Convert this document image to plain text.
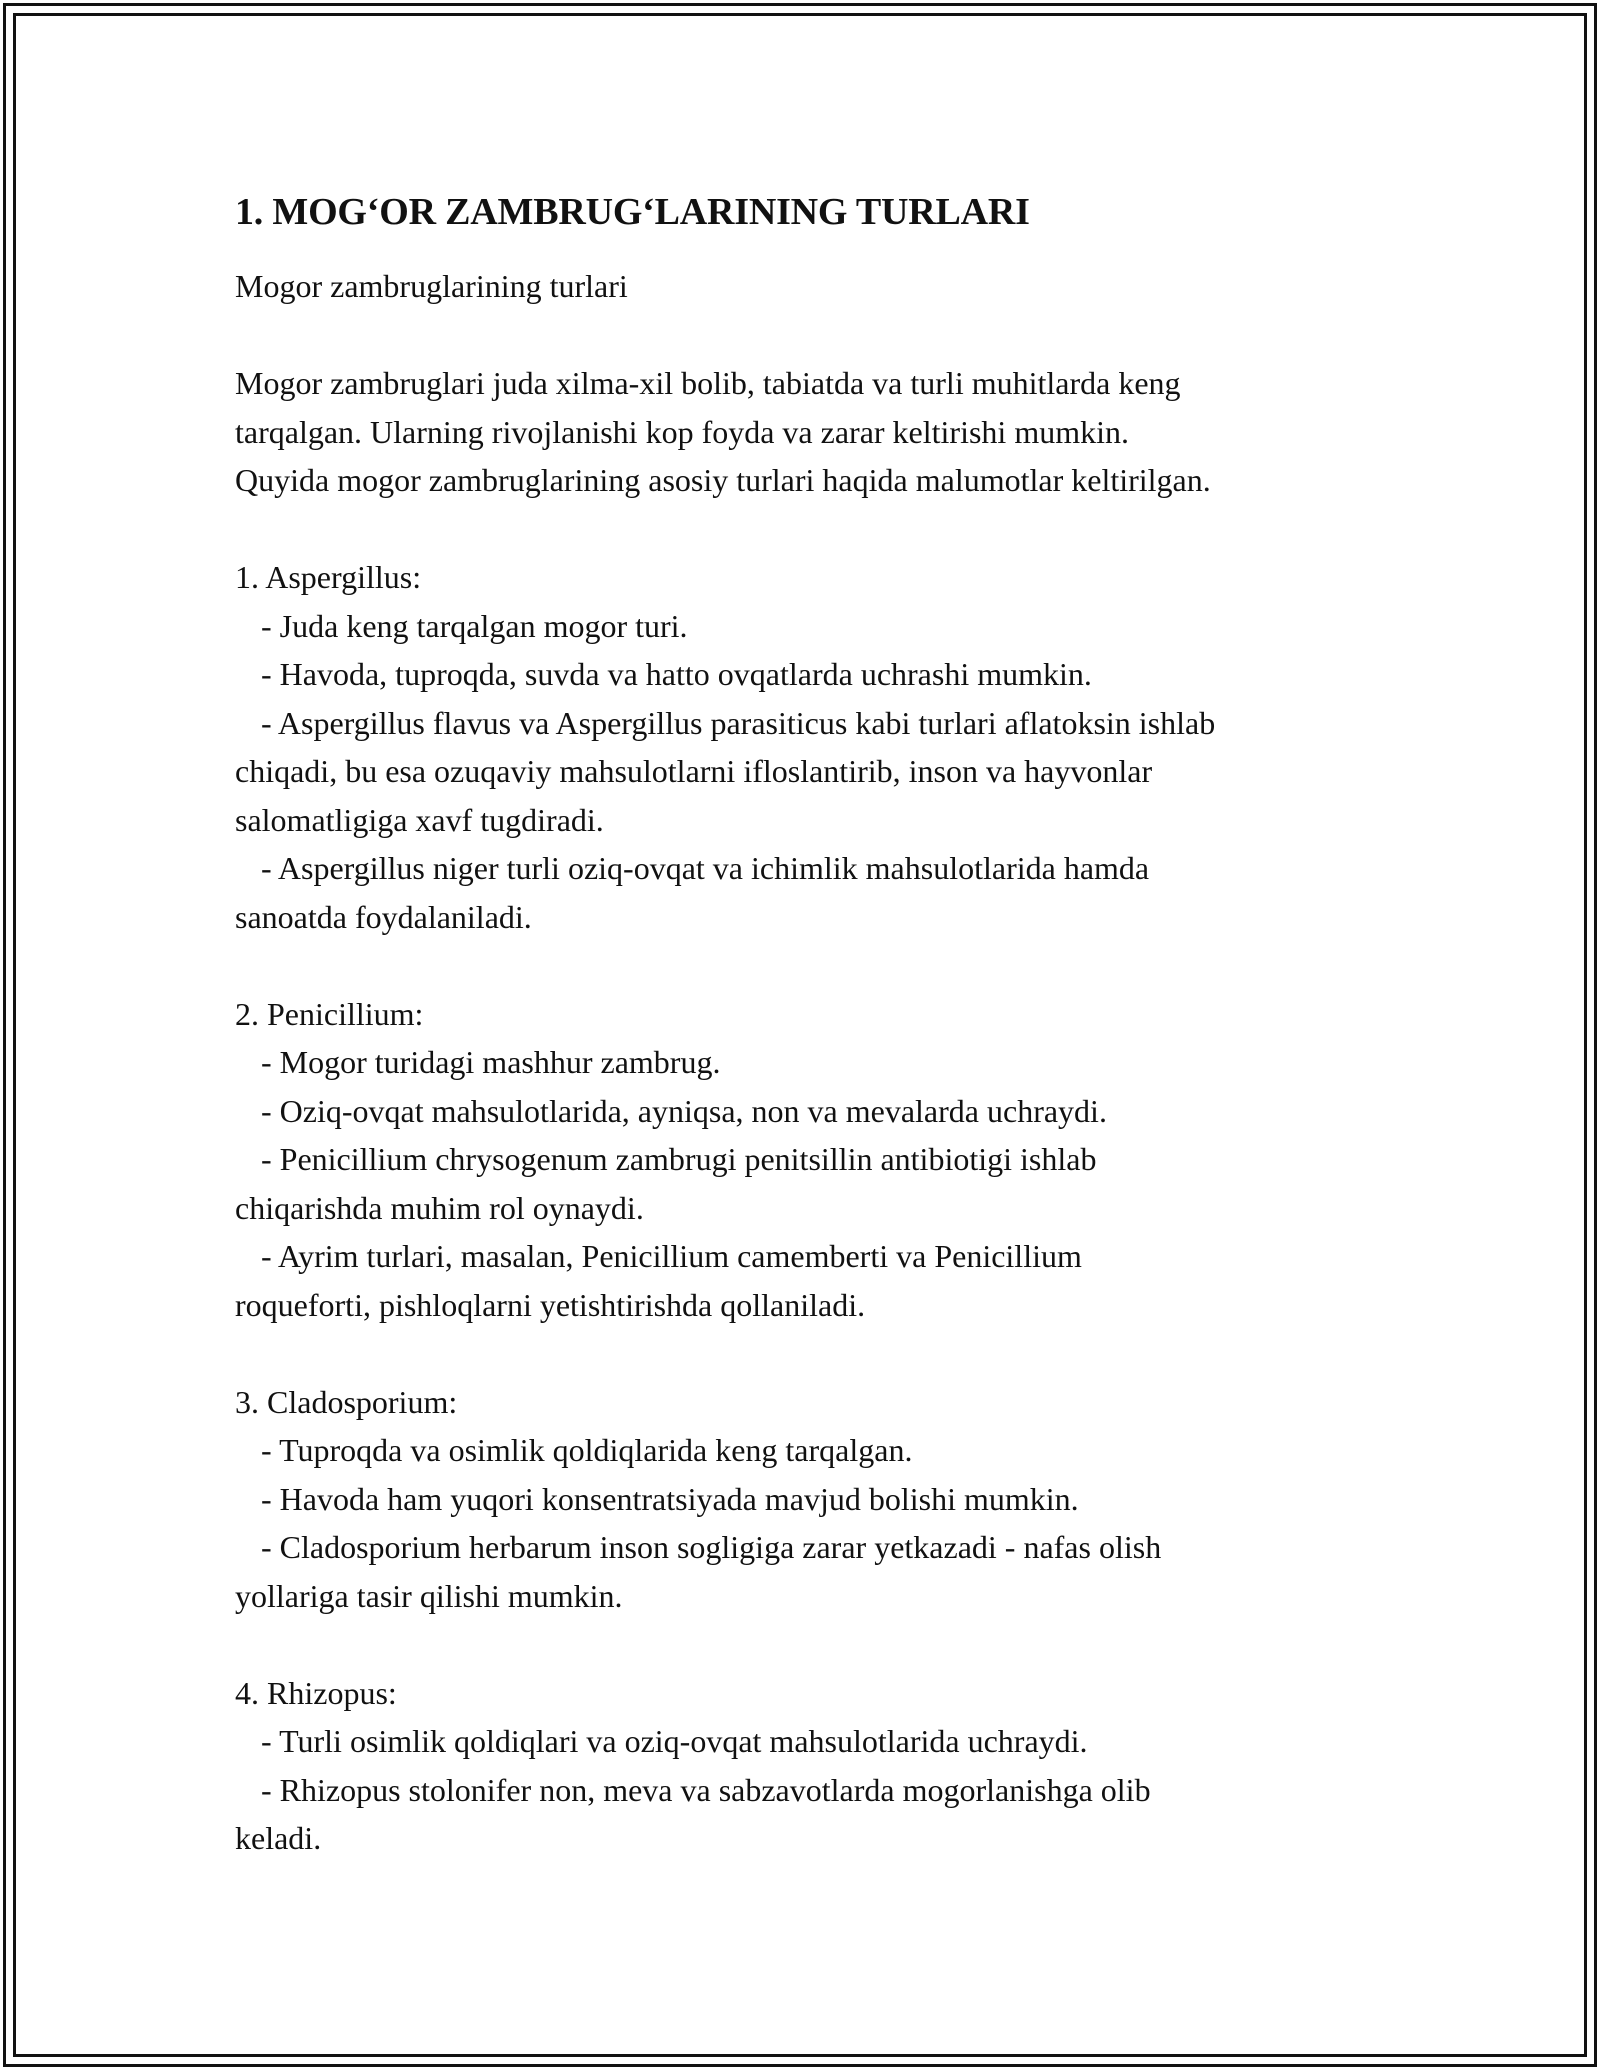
1. MOG‘OR ZAMBRUG‘LARINING TURLARI

Mogor zambruglarining turlari

Mogor zambruglari juda xilma-xil bolib, tabiatda va turli muhitlarda keng

tarqalgan. Ularning rivojlanishi kop foyda va zarar keltirishi mumkin.

Quyida mogor zambruglarining asosiy turlari haqida malumotlar keltirilgan.

1. Aspergillus:

- Juda keng tarqalgan mogor turi.

- Havoda, tuproqda, suvda va hatto ovqatlarda uchrashi mumkin.

- Aspergillus flavus va Aspergillus parasiticus kabi turlari aflatoksin ishlab

chiqadi, bu esa ozuqaviy mahsulotlarni ifloslantirib, inson va hayvonlar

salomatligiga xavf tugdiradi.

- Aspergillus niger turli oziq-ovqat va ichimlik mahsulotlarida hamda

sanoatda foydalaniladi.

2. Penicillium:

- Mogor turidagi mashhur zambrug.

- Oziq-ovqat mahsulotlarida, ayniqsa, non va mevalarda uchraydi.

- Penicillium chrysogenum zambrugi penitsillin antibiotigi ishlab

chiqarishda muhim rol oynaydi.

- Ayrim turlari, masalan, Penicillium camemberti va Penicillium

roqueforti, pishloqlarni yetishtirishda qollaniladi.

3. Cladosporium:

- Tuproqda va osimlik qoldiqlarida keng tarqalgan.

- Havoda ham yuqori konsentratsiyada mavjud bolishi mumkin.

- Cladosporium herbarum inson sogligiga zarar yetkazadi - nafas olish

yollariga tasir qilishi mumkin.

4. Rhizopus:

- Turli osimlik qoldiqlari va oziq-ovqat mahsulotlarida uchraydi.

- Rhizopus stolonifer non, meva va sabzavotlarda mogorlanishga olib

keladi.
